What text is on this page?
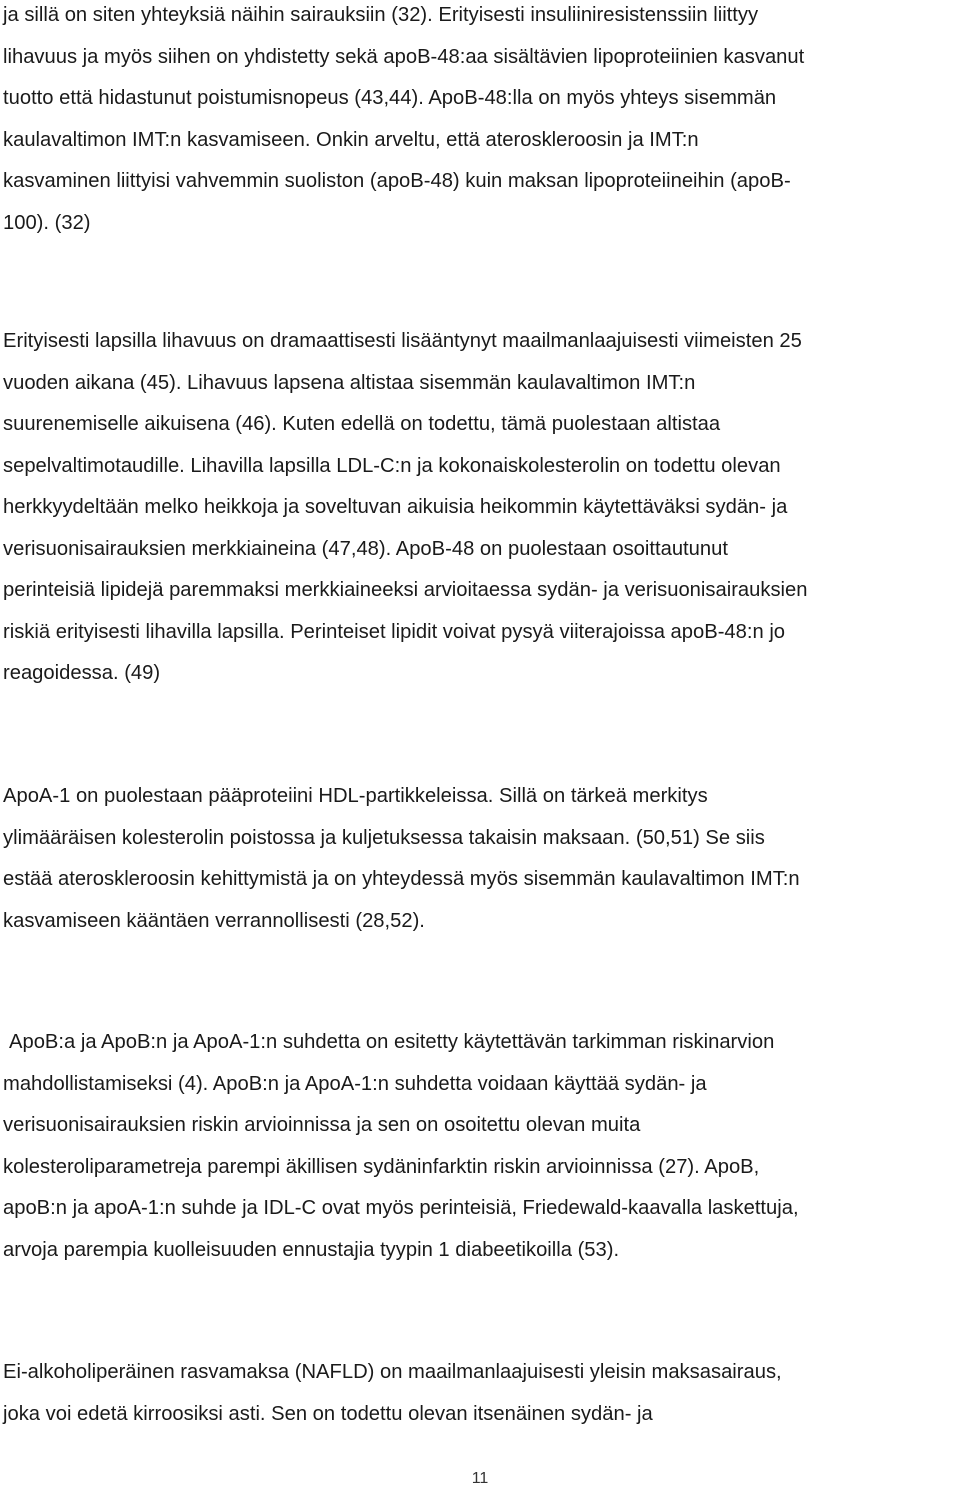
ja sillä on siten yhteyksiä näihin sairauksiin (32). Erityisesti insuliiniresistenssiin liittyy
lihavuus ja myös siihen on yhdistetty sekä apoB-48:aa sisältävien lipoproteiinien kasvanut
tuotto että hidastunut poistumisnopeus (43,44). ApoB-48:lla on myös yhteys sisemmän
kaulavaltimon IMT:n kasvamiseen. Onkin arveltu, että ateroskleroosin ja IMT:n
kasvaminen liittyisi vahvemmin suoliston (apoB-48) kuin maksan lipoproteiineihin (apoB-
100). (32)

Erityisesti lapsilla lihavuus on dramaattisesti lisääntynyt maailmanlaajuisesti viimeisten 25
vuoden aikana (45). Lihavuus lapsena altistaa sisemmän kaulavaltimon IMT:n
suurenemiselle aikuisena (46). Kuten edellä on todettu, tämä puolestaan altistaa
sepelvaltimotaudille. Lihavilla lapsilla LDL-C:n ja kokonaiskolesterolin on todettu olevan
herkkyydeltään melko heikkoja ja soveltuvan aikuisia heikommin käytettäväksi sydän- ja
verisuonisairauksien merkkiaineina (47,48). ApoB-48 on puolestaan osoittautunut
perinteisiä lipidejä paremmaksi merkkiaineeksi arvioitaessa sydän- ja verisuonisairauksien
riskiä erityisesti lihavilla lapsilla. Perinteiset lipidit voivat pysyä viiterajoissa apoB-48:n jo
reagoidessa. (49)

ApoA-1 on puolestaan pääproteiini HDL-partikkeleissa. Sillä on tärkeä merkitys
ylimääräisen kolesterolin poistossa ja kuljetuksessa takaisin maksaan. (50,51) Se siis
estää ateroskleroosin kehittymistä ja on yhteydessä myös sisemmän kaulavaltimon IMT:n
kasvamiseen kääntäen verrannollisesti (28,52).

ApoB:a ja ApoB:n ja ApoA-1:n suhdetta on esitetty käytettävän tarkimman riskinarvion
mahdollistamiseksi (4). ApoB:n ja ApoA-1:n suhdetta voidaan käyttää sydän- ja
verisuonisairauksien riskin arvioinnissa ja sen on osoitettu olevan muita
kolesteroliparametreja parempi äkillisen sydäninfarktin riskin arvioinnissa (27). ApoB,
apoB:n ja apoA-1:n suhde ja IDL-C ovat myös perinteisiä, Friedewald-kaavalla laskettuja,
arvoja parempia kuolleisuuden ennustajia tyypin 1 diabeetikoilla (53).

Ei-alkoholiperäinen rasvamaksa (NAFLD) on maailmanlaajuisesti yleisin maksasairaus,
joka voi edetä kirroosiksi asti. Sen on todettu olevan itsenäinen sydän- ja

11
